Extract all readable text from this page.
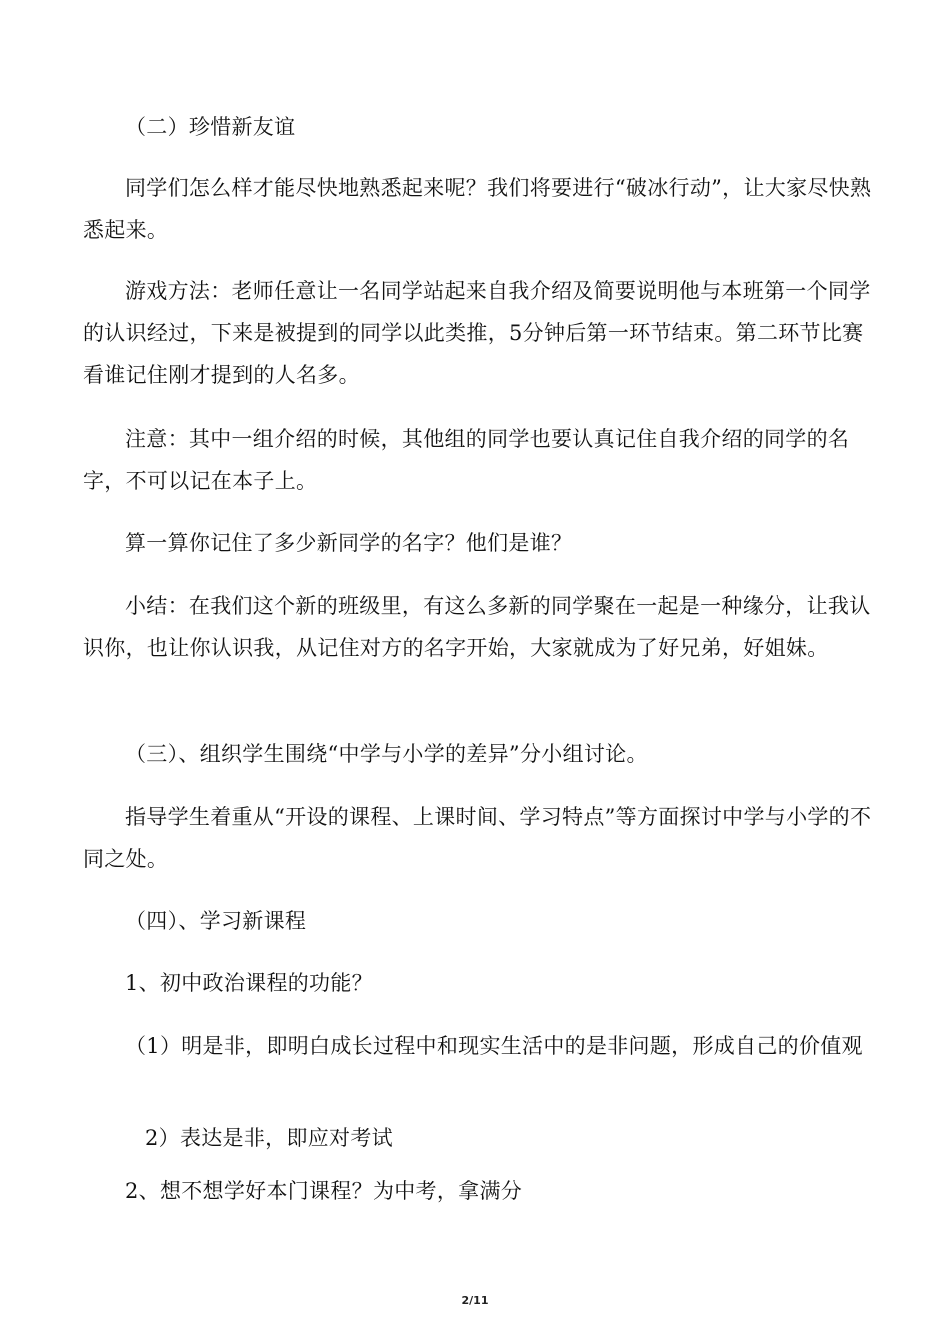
（二）珍惜新友谊

同学们怎么样才能尽快地熟悉起来呢？我们将要进行“破冰行动”，让大家尽快熟悉起来。

游戏方法：老师任意让一名同学站起来自我介绍及简要说明他与本班第一个同学的认识经过，下来是被提到的同学以此类推，5分钟后第一环节结束。第二环节比赛看谁记住刚才提到的人名多。

注意：其中一组介绍的时候，其他组的同学也要认真记住自我介绍的同学的名字，不可以记在本子上。

算一算你记住了多少新同学的名字？他们是谁？

小结：在我们这个新的班级里，有这么多新的同学聚在一起是一种缘分，让我认识你，也让你认识我，从记住对方的名字开始，大家就成为了好兄弟，好姐妹。

（三）、组织学生围绕“中学与小学的差异”分小组讨论。

指导学生着重从“开设的课程、上课时间、学习特点”等方面探讨中学与小学的不同之处。

（四）、学习新课程

1、初中政治课程的功能？

（1）明是非，即明白成长过程中和现实生活中的是非问题，形成自己的价值观

2）表达是非，即应对考试

2、想不想学好本门课程？为中考，拿满分

2/11
